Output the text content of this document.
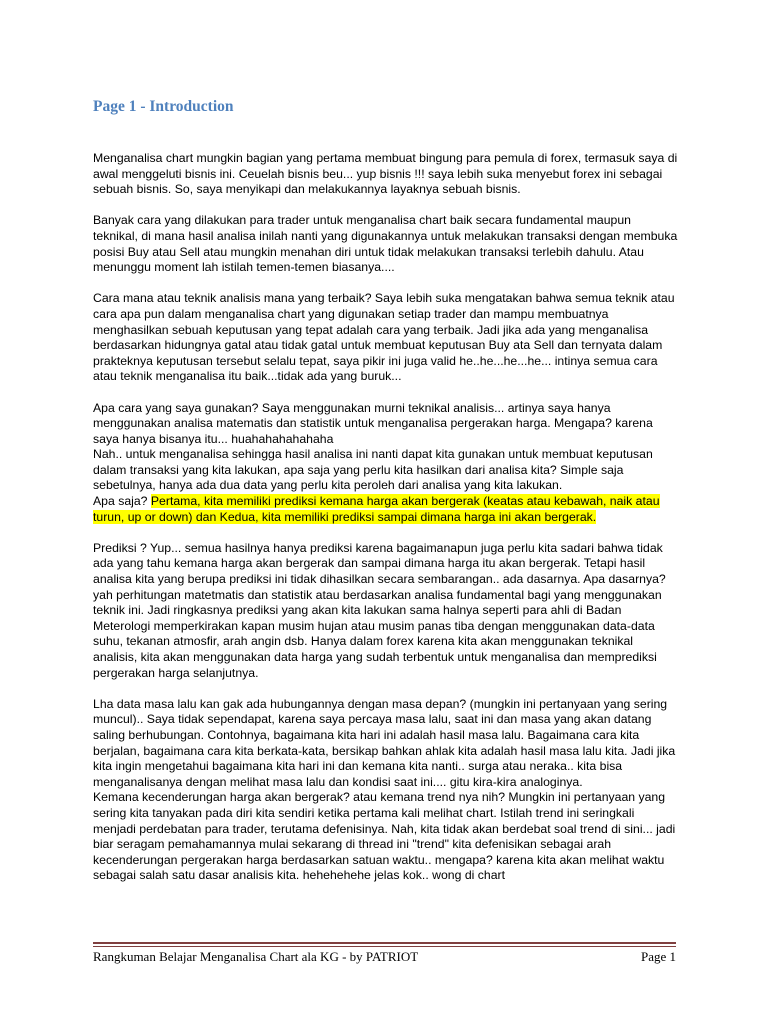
Page 1 - Introduction

Menganalisa chart mungkin bagian yang pertama membuat bingung para pemula di forex, termasuk saya di awal menggeluti bisnis ini. Ceuelah bisnis beu... yup bisnis !!! saya lebih suka menyebut forex ini sebagai sebuah bisnis. So, saya menyikapi dan melakukannya layaknya sebuah bisnis.

Banyak cara yang dilakukan para trader untuk menganalisa chart baik secara fundamental maupun teknikal, di mana hasil analisa inilah nanti yang digunakannya untuk melakukan transaksi dengan membuka posisi Buy atau Sell atau mungkin menahan diri untuk tidak melakukan transaksi terlebih dahulu. Atau menunggu moment lah istilah temen-temen biasanya....

Cara mana atau teknik analisis mana yang terbaik? Saya lebih suka mengatakan bahwa semua teknik atau cara apa pun dalam menganalisa chart yang digunakan setiap trader dan mampu membuatnya menghasilkan sebuah keputusan yang tepat adalah cara yang terbaik. Jadi jika ada yang menganalisa berdasarkan hidungnya gatal atau tidak gatal untuk membuat keputusan Buy ata Sell dan ternyata dalam prakteknya keputusan tersebut selalu tepat, saya pikir ini juga valid he..he...he...he... intinya semua cara atau teknik menganalisa itu baik...tidak ada yang buruk...

Apa cara yang saya gunakan? Saya menggunakan murni teknikal analisis... artinya saya hanya menggunakan analisa matematis dan statistik untuk menganalisa pergerakan harga. Mengapa? karena saya hanya bisanya itu... huahahahahahaha

Nah.. untuk menganalisa sehingga hasil analisa ini nanti dapat kita gunakan untuk membuat keputusan dalam transaksi yang kita lakukan, apa saja yang perlu kita hasilkan dari analisa kita? Simple saja sebetulnya, hanya ada dua data yang perlu kita peroleh dari analisa yang kita lakukan.

Apa saja? Pertama, kita memiliki prediksi kemana harga akan bergerak (keatas atau kebawah, naik atau turun, up or down) dan Kedua, kita memiliki prediksi sampai dimana harga ini akan bergerak.

Prediksi ? Yup... semua hasilnya hanya prediksi karena bagaimanapun juga perlu kita sadari bahwa tidak ada yang tahu kemana harga akan bergerak dan sampai dimana harga itu akan bergerak. Tetapi hasil analisa kita yang berupa prediksi ini tidak dihasilkan secara sembarangan.. ada dasarnya. Apa dasarnya? yah perhitungan matetmatis dan statistik atau berdasarkan analisa fundamental bagi yang menggunakan teknik ini. Jadi ringkasnya prediksi yang akan kita lakukan sama halnya seperti para ahli di Badan Meterologi memperkirakan kapan musim hujan atau musim panas tiba dengan menggunakan data-data suhu, tekanan atmosfir, arah angin dsb. Hanya dalam forex karena kita akan menggunakan teknikal analisis, kita akan menggunakan data harga yang sudah terbentuk untuk menganalisa dan memprediksi pergerakan harga selanjutnya.

Lha data masa lalu kan gak ada hubungannya dengan masa depan? (mungkin ini pertanyaan yang sering muncul).. Saya tidak sependapat, karena saya percaya masa lalu, saat ini dan masa yang akan datang saling berhubungan. Contohnya, bagaimana kita hari ini adalah hasil masa lalu. Bagaimana cara kita berjalan, bagaimana cara kita berkata-kata, bersikap bahkan ahlak kita adalah hasil masa lalu kita. Jadi jika kita ingin mengetahui bagaimana kita hari ini dan kemana kita nanti.. surga atau neraka.. kita bisa menganalisanya dengan melihat masa lalu dan kondisi saat ini.... gitu kira-kira analoginya.

Kemana kecenderungan harga akan bergerak? atau kemana trend nya nih? Mungkin ini pertanyaan yang sering kita tanyakan pada diri kita sendiri ketika pertama kali melihat chart. Istilah trend ini seringkali menjadi perdebatan para trader, terutama defenisinya. Nah, kita tidak akan berdebat soal trend di sini... jadi biar seragam pemahamannya mulai sekarang di thread ini "trend" kita defenisikan sebagai arah kecenderungan pergerakan harga berdasarkan satuan waktu.. mengapa? karena kita akan melihat waktu sebagai salah satu dasar analisis kita. hehehehehe jelas kok.. wong di chart

Rangkuman Belajar Menganalisa Chart ala KG - by PATRIOT	Page 1
